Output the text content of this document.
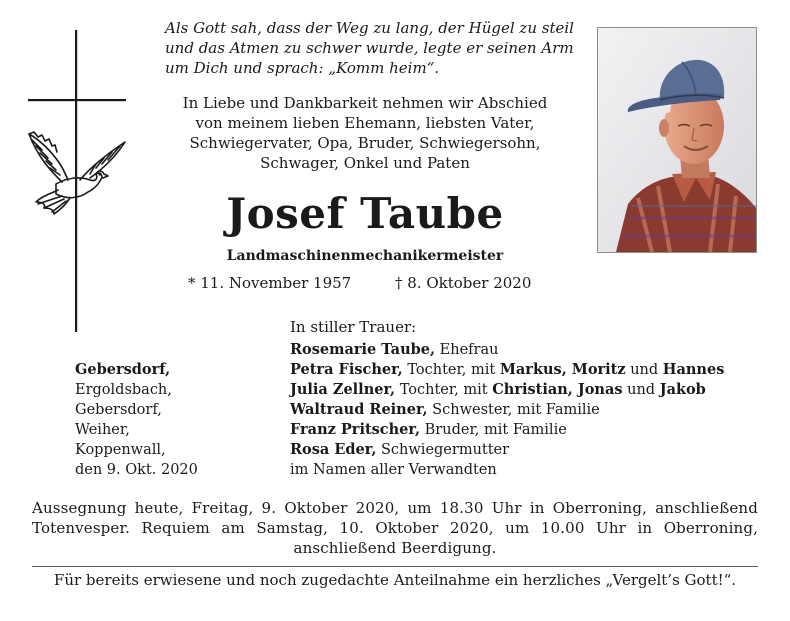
Als Gott sah, dass der Weg zu lang, der Hügel zu steil
und das Atmen zu schwer wurde, legte er seinen Arm
um Dich und sprach: „Komm heim“.
In Liebe und Dankbarkeit nehmen wir Abschied
von meinem lieben Ehemann, liebsten Vater,
Schwiegervater, Opa, Bruder, Schwiegersohn,
Schwager, Onkel und Paten
Josef Taube
Landmaschinenmechanikermeister
* 11. November 1957	† 8. Oktober 2020
In stiller Trauer:
Gebersdorf,
Ergoldsbach,
Gebersdorf,
Weiher,
Koppenwall,
den 9. Okt. 2020
Rosemarie Taube, Ehefrau
Petra Fischer, Tochter, mit Markus, Moritz und Hannes
Julia Zellner, Tochter, mit Christian, Jonas und Jakob
Waltraud Reiner, Schwester, mit Familie
Franz Pritscher, Bruder, mit Familie
Rosa Eder, Schwiegermutter
im Namen aller Verwandten
Aussegnung heute, Freitag, 9. Oktober 2020, um 18.30 Uhr in Oberroning, anschließend Totenvesper. Requiem am Samstag, 10. Oktober 2020, um 10.00 Uhr in Oberroning, anschließend Beerdigung.
Für bereits erwiesene und noch zugedachte Anteilnahme ein herzliches „Vergelt’s Gott!“.
